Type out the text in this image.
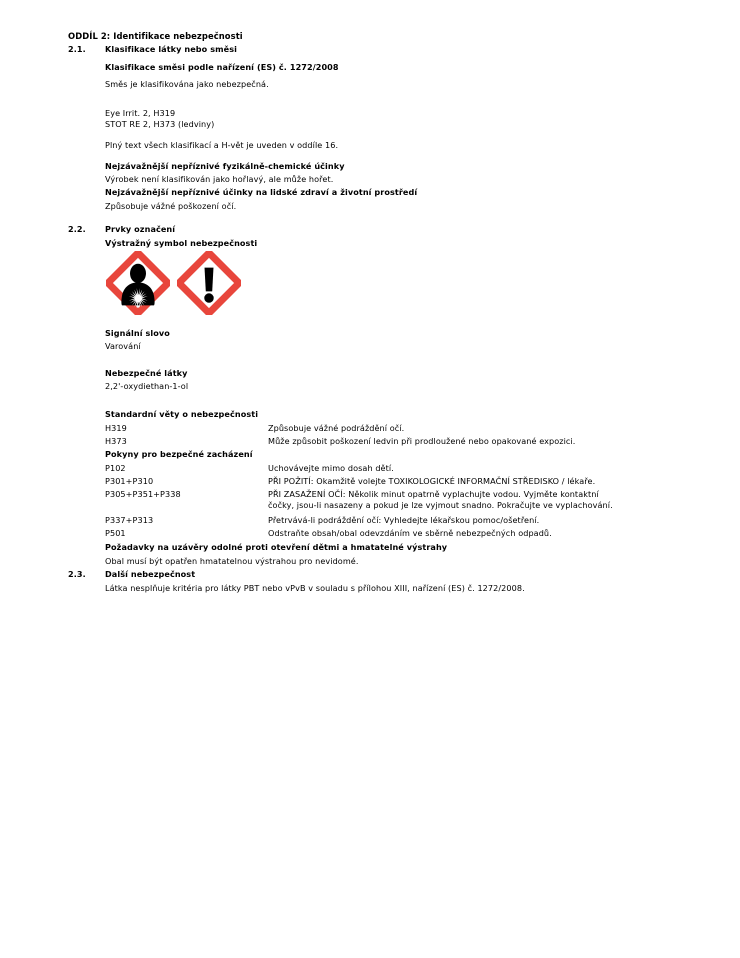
ODDÍL 2: Identifikace nebezpečnosti
2.1. Klasifikace látky nebo směsi
Klasifikace směsi podle nařízení (ES) č. 1272/2008
Směs je klasifikována jako nebezpečná.
Eye Irrit. 2, H319
STOT RE 2, H373 (ledviny)
Plný text všech klasifikací a H-vět je uveden v oddíle 16.
Nejzávažnější nepříznivé fyzikálně-chemické účinky
Výrobek není klasifikován jako hořlavý, ale může hořet.
Nejzávažnější nepříznivé účinky na lidské zdraví a životní prostředí
Způsobuje vážné poškození očí.
2.2. Prvky označení
Výstražný symbol nebezpečnosti
Signální slovo
Varování
Nebezpečné látky
2,2'-oxydiethan-1-ol
Standardní věty o nebezpečnosti
H319	Způsobuje vážné podráždění očí.
H373	Může způsobit poškození ledvin při prodloužené nebo opakované expozici.
Pokyny pro bezpečné zacházení
P102	Uchovávejte mimo dosah dětí.
P301+P310	PŘI POŽITÍ: Okamžitě volejte TOXIKOLOGICKÉ INFORMAČNÍ STŘEDISKO / lékaře.
P305+P351+P338	PŘI ZASAŽENÍ OČÍ: Několik minut opatrně vyplachujte vodou. Vyjměte kontaktní
čočky, jsou-li nasazeny a pokud je lze vyjmout snadno. Pokračujte ve vyplachování.
P337+P313	Přetrvává-li podráždění očí: Vyhledejte lékařskou pomoc/ošetření.
P501	Odstraňte obsah/obal odevzdáním ve sběrně nebezpečných odpadů.
Požadavky na uzávěry odolné proti otevření dětmi a hmatatelné výstrahy
Obal musí být opatřen hmatatelnou výstrahou pro nevidomé.
2.3. Další nebezpečnost
Látka nesplňuje kritéria pro látky PBT nebo vPvB v souladu s přílohou XIII, nařízení (ES) č. 1272/2008.
